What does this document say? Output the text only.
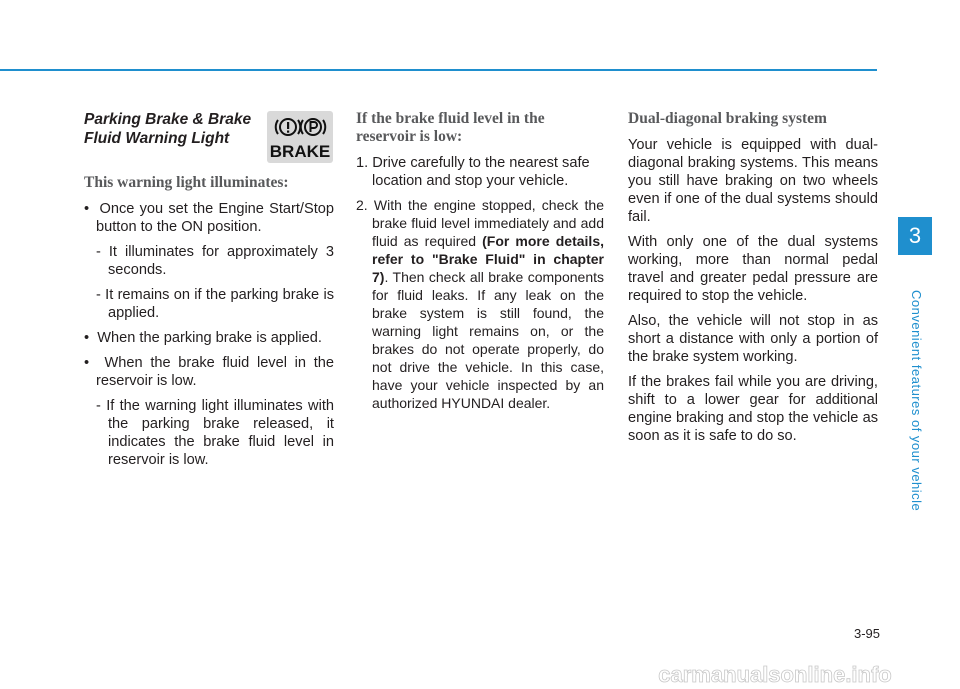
Parking Brake & Brake Fluid Warning Light
BRAKE
This warning light illuminates:

•  Once you set the Engine Start/Stop button to the ON position.

- It illuminates for approximately 3 seconds.

- It remains on if the parking brake is applied.

•  When the parking brake is applied.

•  When the brake fluid level in the reservoir is low.

- If the warning light illuminates with the parking brake released, it indicates the brake fluid level in reservoir is low.

If the brake fluid level in the reservoir is low:

1. Drive carefully to the nearest safe location and stop your vehicle.

2. With the engine stopped, check the brake fluid level immediately and add fluid as required (For more details, refer to "Brake Fluid" in chapter 7). Then check all brake components for fluid leaks. If any leak on the brake system is still found, the warning light remains on, or the brakes do not operate properly, do not drive the vehicle. In this case, have your vehicle inspected by an authorized HYUNDAI dealer.

Dual-diagonal braking system

Your vehicle is equipped with dual-diagonal braking systems. This means you still have braking on two wheels even if one of the dual systems should fail.

With only one of the dual systems working, more than normal pedal travel and greater pedal pressure are required to stop the vehicle.

Also, the vehicle will not stop in as short a distance with only a portion of the brake system working.

If the brakes fail while you are driving, shift to a lower gear for additional engine braking and stop the vehicle as soon as it is safe to do so.

3
Convenient features of your vehicle
3-95
carmanualsonline.info
